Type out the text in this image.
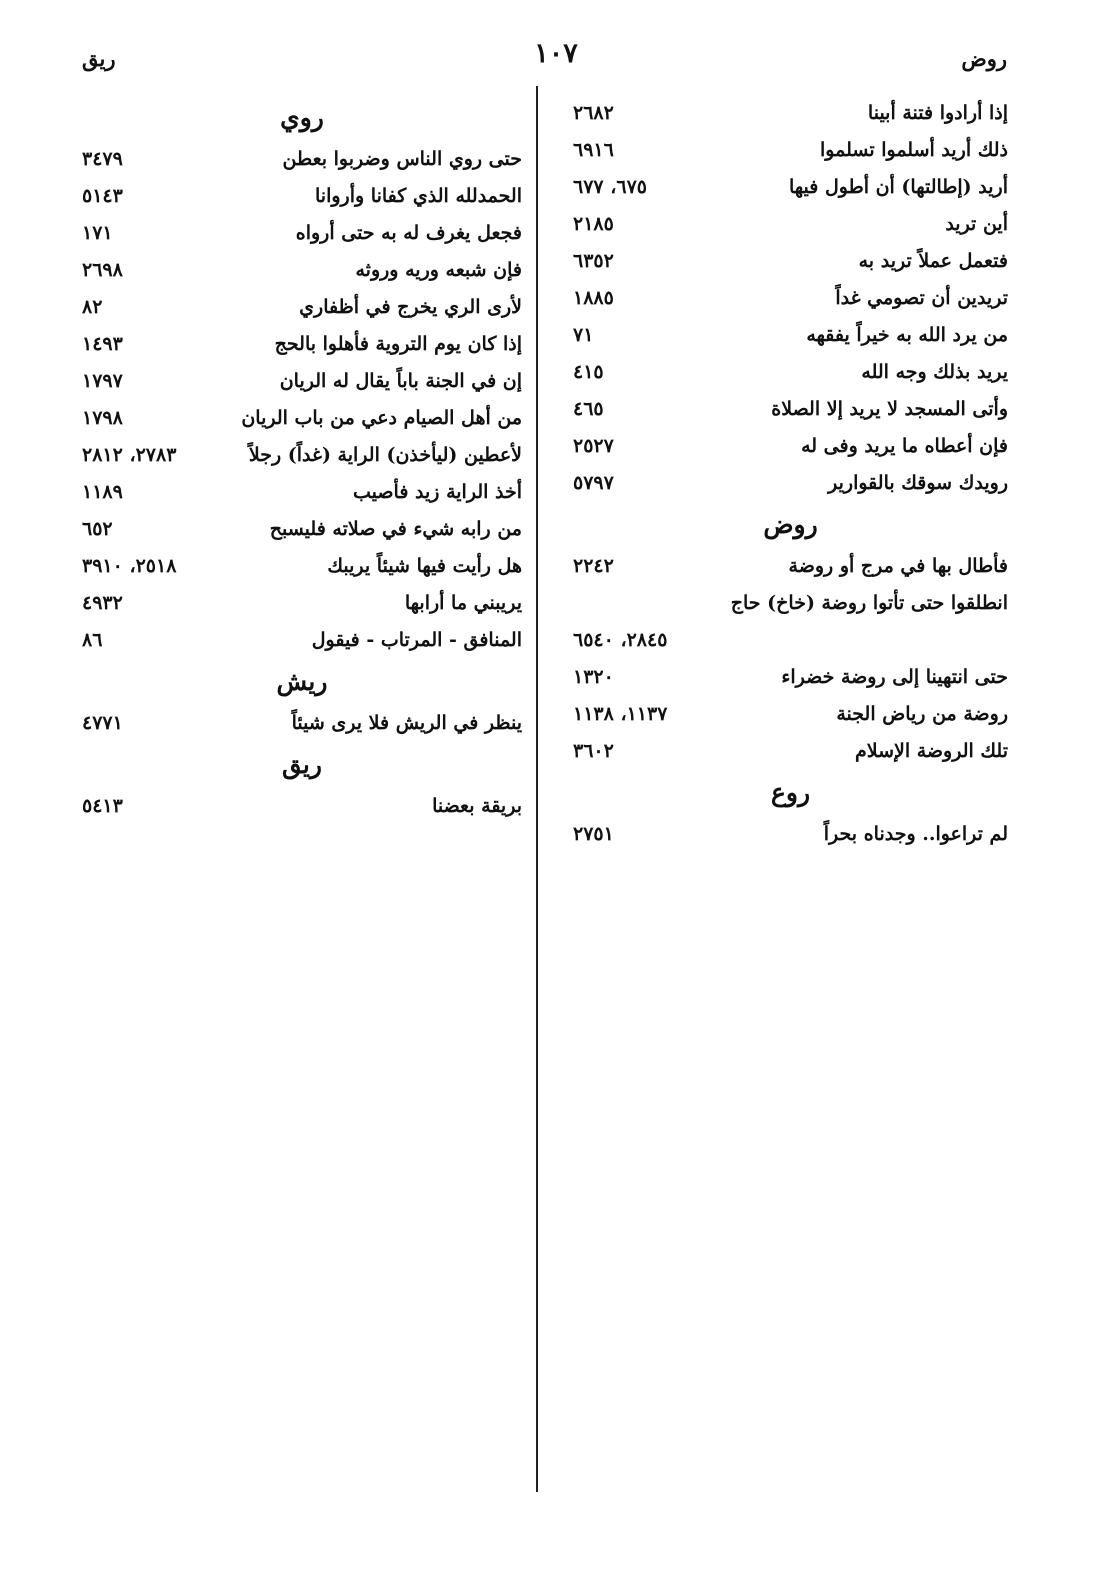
روض
١٠٧
ريق
إذا أرادوا فتنة أبينا
٢٦٨٢
ذلك أريد أسلموا تسلموا
٦٩١٦
أريد (إطالتها) أن أطول فيها
٦٧٥، ٦٧٧
أين تريد
٢١٨٥
فتعمل عملاً تريد به
٦٣٥٢
تريدين أن تصومي غداً
١٨٨٥
من يرد الله به خيراً يفقهه
٧١
يريد بذلك وجه الله
٤١٥
وأتى المسجد لا يريد إلا الصلاة
٤٦٥
فإن أعطاه ما يريد وفى له
٢٥٢٧
رويدك سوقك بالقوارير
٥٧٩٧
روض
فأطال بها في مرج أو روضة
٢٢٤٢
انطلقوا حتى تأتوا روضة (خاخ) حاج
٢٨٤٥، ٦٥٤٠
حتى انتهينا إلى روضة خضراء
١٣٢٠
روضة من رياض الجنة
١١٣٧، ١١٣٨
تلك الروضة الإسلام
٣٦٠٢
روع
لم تراعوا.. وجدناه بحراً
٢٧٥١
روي
حتى روي الناس وضربوا بعطن
٣٤٧٩
الحمدلله الذي كفانا وأروانا
٥١٤٣
فجعل يغرف له به حتى أرواه
١٧١
فإن شبعه وريه وروثه
٢٦٩٨
لأرى الري يخرج في أظفاري
٨٢
إذا كان يوم التروية فأهلوا بالحج
١٤٩٣
إن في الجنة باباً يقال له الريان
١٧٩٧
من أهل الصيام دعي من باب الريان
١٧٩٨
لأعطين (ليأخذن) الراية (غداً) رجلاً
٢٧٨٣، ٢٨١٢
أخذ الراية زيد فأصيب
١١٨٩
من رابه شيء في صلاته فليسبح
٦٥٢
هل رأيت فيها شيئاً يريبك
٢٥١٨، ٣٩١٠
يريبني ما أرابها
٤٩٣٢
المنافق - المرتاب - فيقول
٨٦
ريش
ينظر في الريش فلا يرى شيئاً
٤٧٧١
ريق
بريقة بعضنا
٥٤١٣
